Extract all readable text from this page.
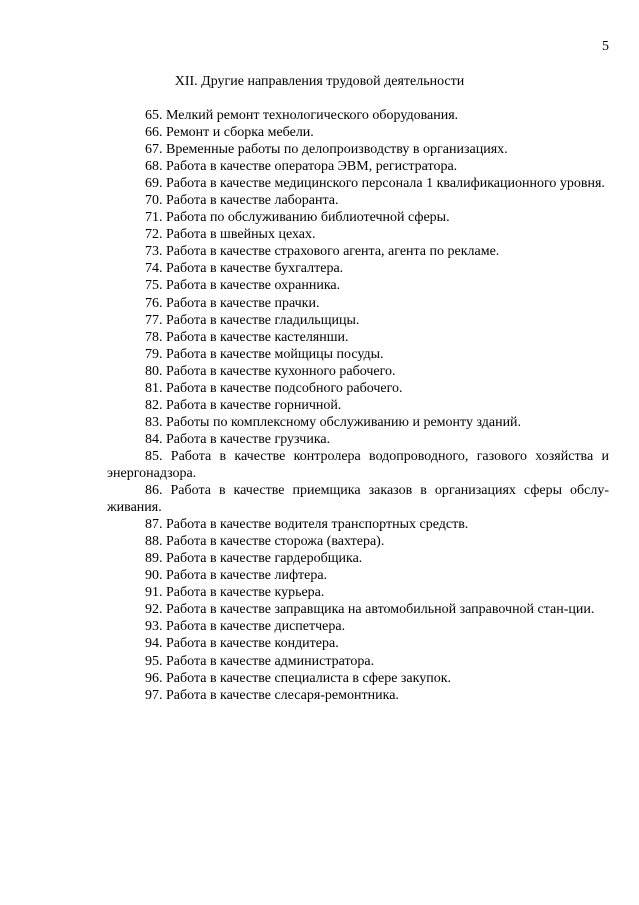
5
XII. Другие направления трудовой деятельности

65. Мелкий ремонт технологического оборудования.

66. Ремонт и сборка мебели.

67. Временные работы по делопроизводству в организациях.

68. Работа в качестве оператора ЭВМ, регистратора.

69. Работа в качестве медицинского персонала 1 квалификационного уровня.

70. Работа в качестве лаборанта.

71. Работа по обслуживанию библиотечной сферы.

72. Работа в швейных цехах.

73. Работа в качестве страхового агента, агента по рекламе.

74. Работа в качестве бухгалтера.

75. Работа в качестве охранника.

76. Работа в качестве прачки.

77. Работа в качестве гладильщицы.

78. Работа в качестве кастелянши.

79. Работа в качестве мойщицы посуды.

80. Работа в качестве кухонного рабочего.

81. Работа в качестве подсобного рабочего.

82. Работа в качестве горничной.

83. Работы по комплексному обслуживанию и ремонту зданий.

84. Работа в качестве грузчика.

85. Работа в качестве контролера водопроводного, газового хозяйства и энергонадзора.

86. Работа в качестве приемщика заказов в организациях сферы обслу-живания.

87. Работа в качестве водителя транспортных средств.

88. Работа в качестве сторожа (вахтера).

89. Работа в качестве гардеробщика.

90. Работа в качестве лифтера.

91. Работа в качестве курьера.

92. Работа в качестве заправщика на автомобильной заправочной стан-ции.

93. Работа в качестве диспетчера.

94. Работа в качестве кондитера.

95. Работа в качестве администратора.

96. Работа в качестве специалиста в сфере закупок.

97. Работа в качестве слесаря-ремонтника.
